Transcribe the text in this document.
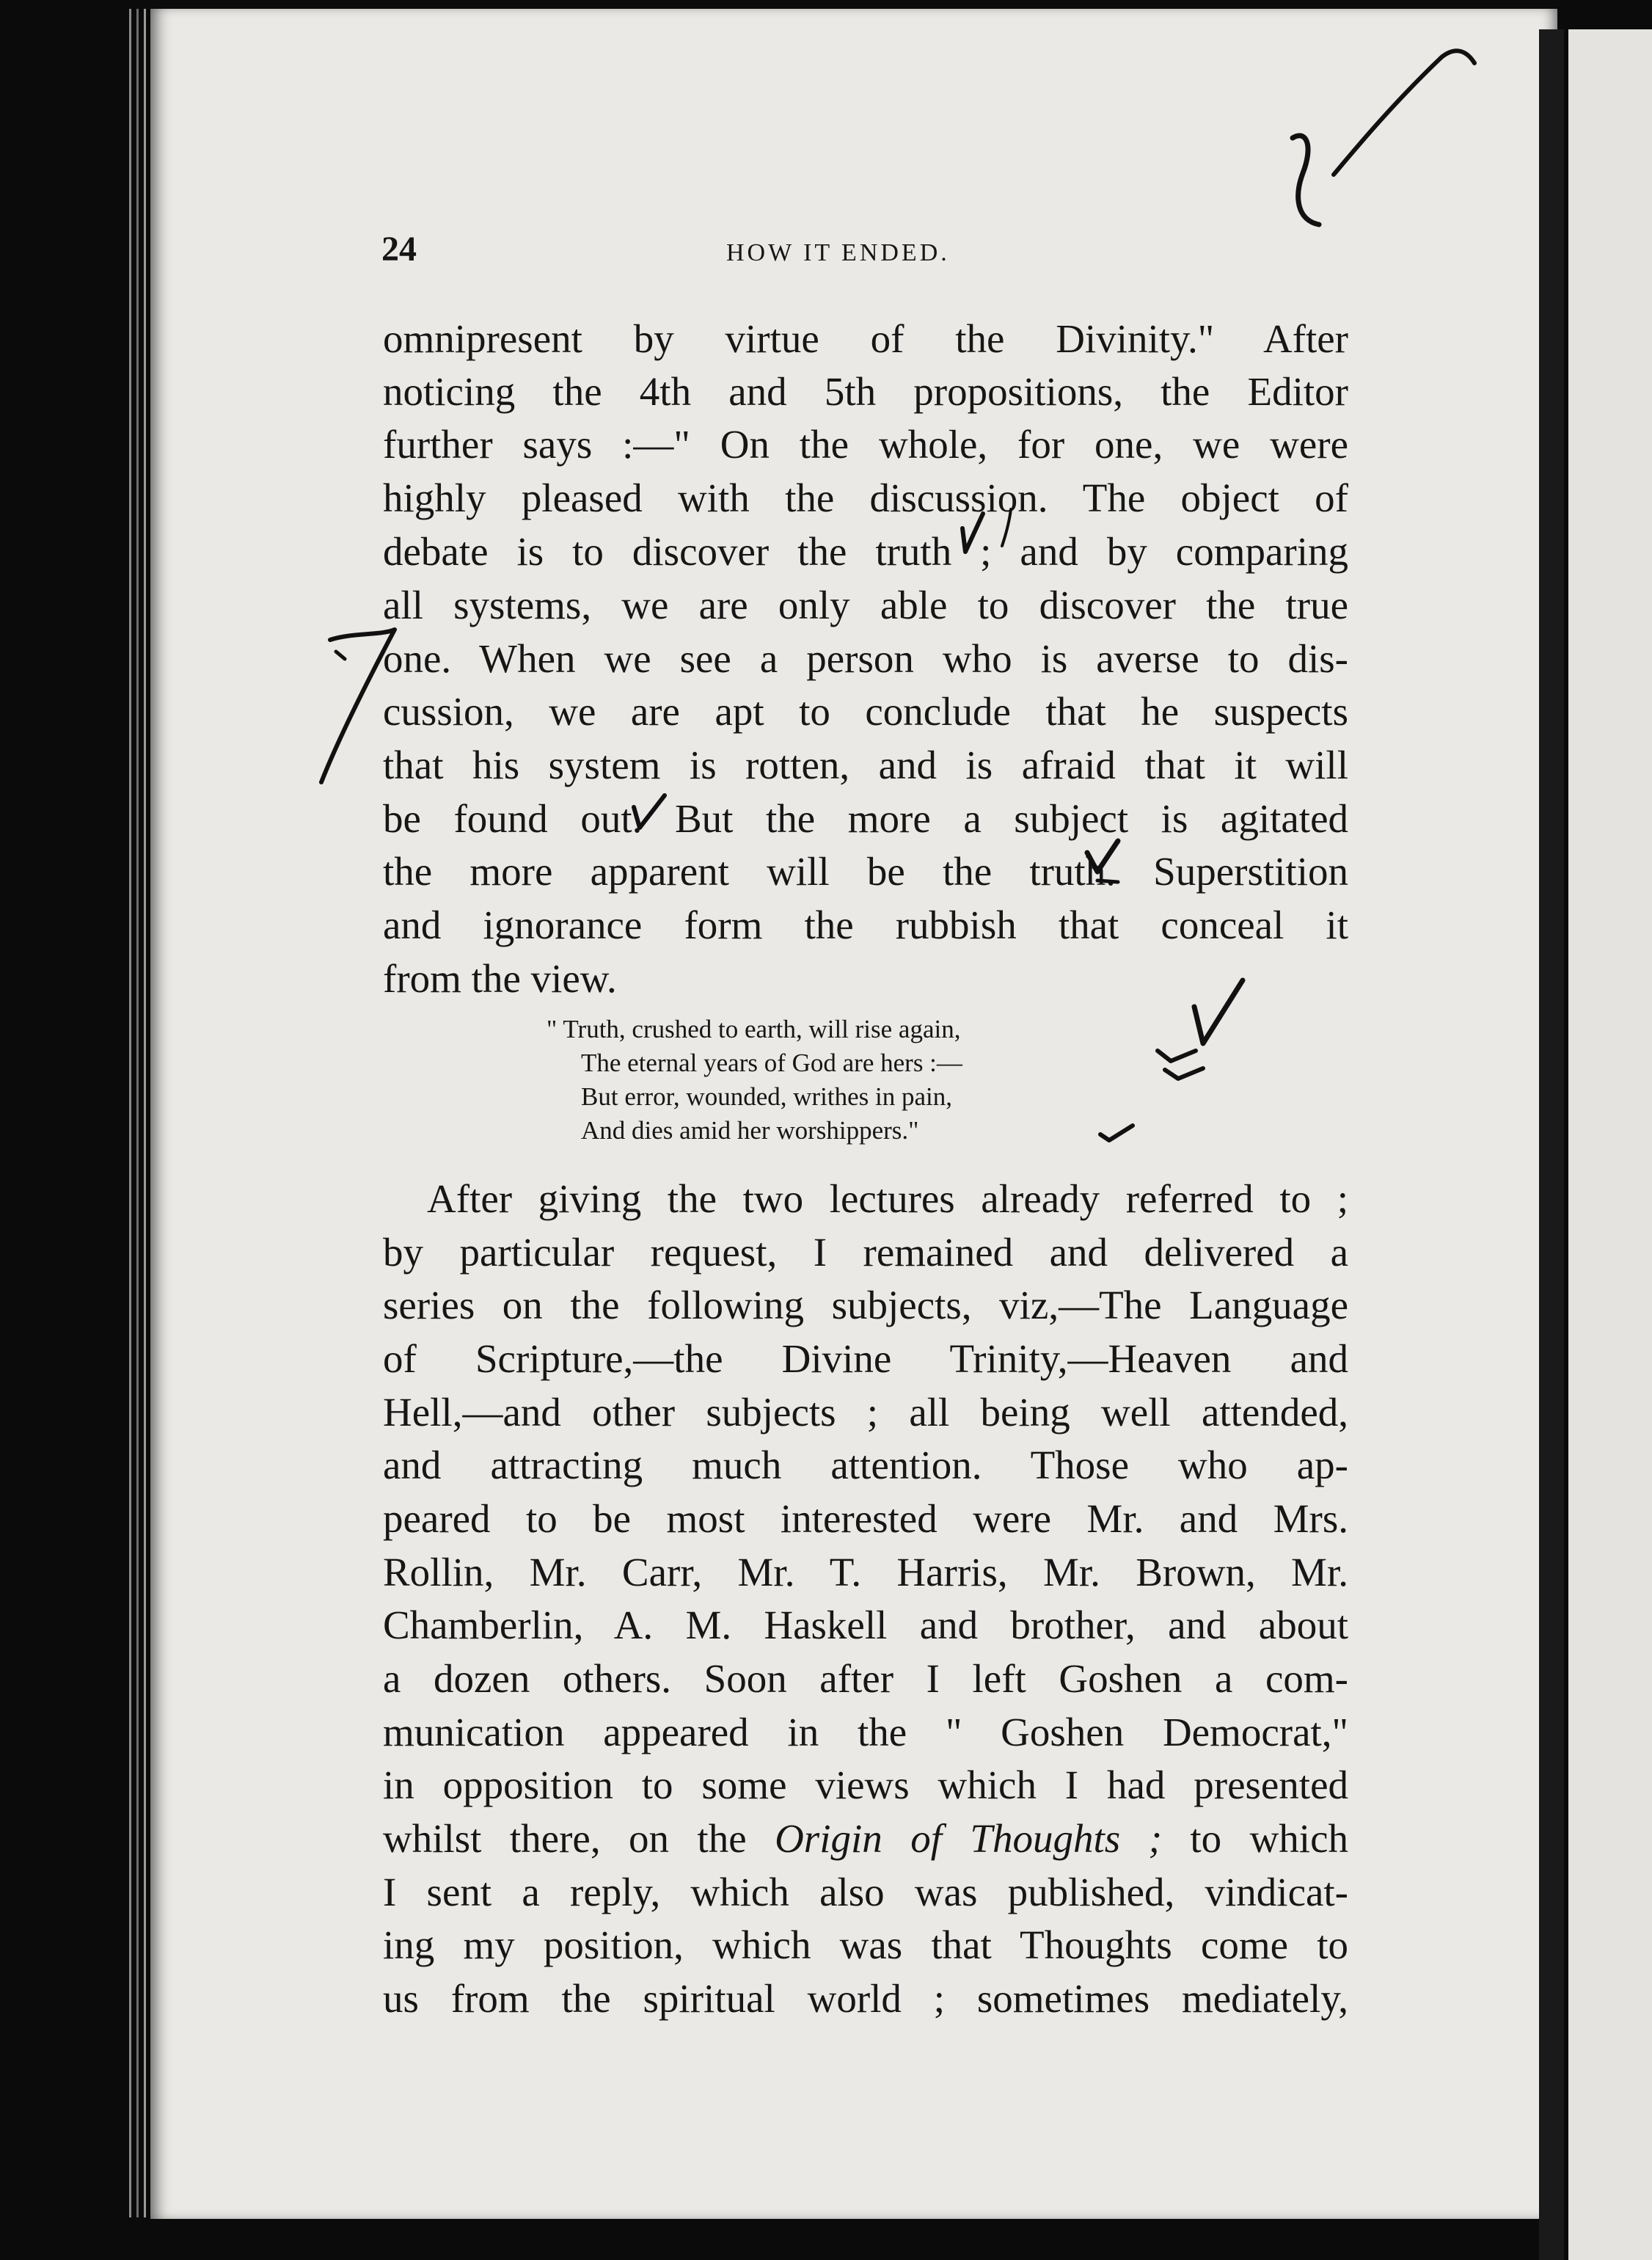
24	HOW IT ENDED.
omnipresent by virtue of the Divinity." After
noticing the 4th and 5th propositions, the Editor
further says :—" On the whole, for one, we were
highly pleased with the discussion. The object of
debate is to discover the truth ; and by comparing
all systems, we are only able to discover the true
one. When we see a person who is averse to dis-
cussion, we are apt to conclude that he suspects
that his system is rotten, and is afraid that it will
be found out. But the more a subject is agitated
the more apparent will be the truth. Superstition
and ignorance form the rubbish that conceal it
from the view.
" Truth, crushed to earth, will rise again,
The eternal years of God are hers :—
But error, wounded, writhes in pain,
And dies amid her worshippers."
After giving the two lectures already referred to ;
by particular request, I remained and delivered a
series on the following subjects, viz,—The Language
of Scripture,—the Divine Trinity,—Heaven and
Hell,—and other subjects ; all being well attended,
and attracting much attention. Those who ap-
peared to be most interested were Mr. and Mrs.
Rollin, Mr. Carr, Mr. T. Harris, Mr. Brown, Mr.
Chamberlin, A. M. Haskell and brother, and about
a dozen others. Soon after I left Goshen a com-
munication appeared in the " Goshen Democrat,"
in opposition to some views which I had presented
whilst there, on the Origin of Thoughts ; to which
I sent a reply, which also was published, vindicat-
ing my position, which was that Thoughts come to
us from the spiritual world ; sometimes mediately,
